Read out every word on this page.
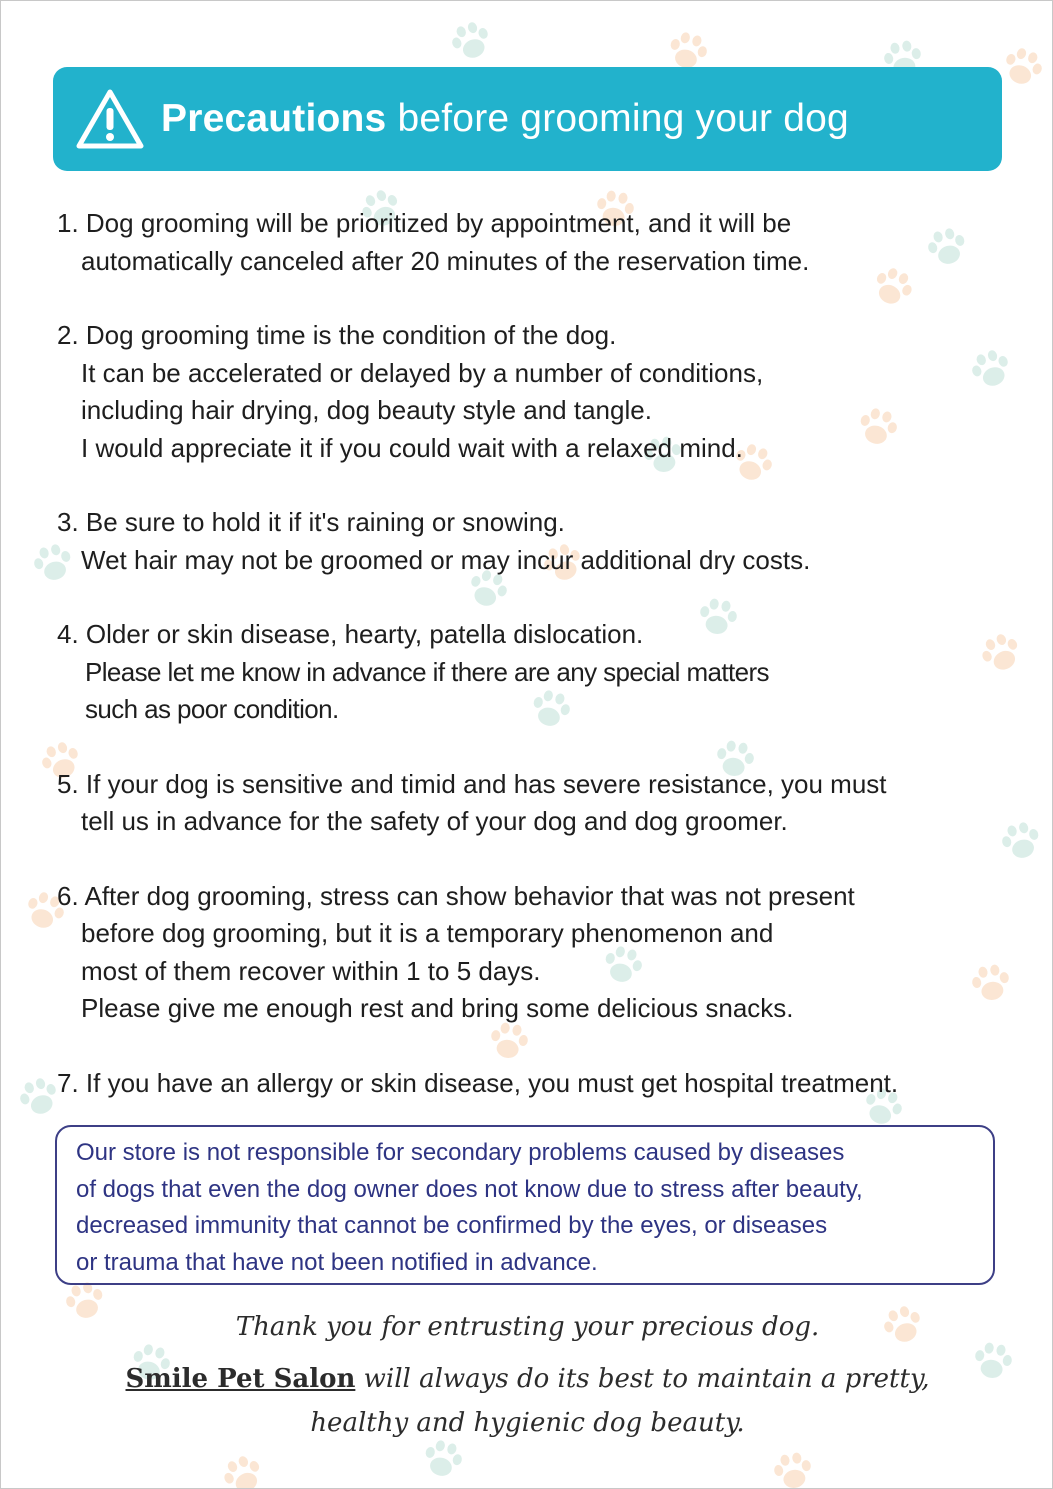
Precautions before grooming your dog
1. Dog grooming will be prioritized by appointment, and it will be
automatically canceled after 20 minutes of the reservation time.
2. Dog grooming time is the condition of the dog.
It can be accelerated or delayed by a number of conditions,
including hair drying, dog beauty style and tangle.
I would appreciate it if you could wait with a relaxed mind.
3. Be sure to hold it if it's raining or snowing.
Wet hair may not be groomed or may incur additional dry costs.
4. Older or skin disease, hearty, patella dislocation.
Please let me know in advance if there are any special matters
such as poor condition.
5. If your dog is sensitive and timid and has severe resistance, you must
tell us in advance for the safety of your dog and dog groomer.
6. After dog grooming, stress can show behavior that was not present
before dog grooming, but it is a temporary phenomenon and
most of them recover within 1 to 5 days.
Please give me enough rest and bring some delicious snacks.
7. If you have an allergy or skin disease, you must get hospital treatment.
Our store is not responsible for secondary problems caused by diseases
of dogs that even the dog owner does not know due to stress after beauty,
decreased immunity that cannot be confirmed by the eyes, or diseases
or trauma that have not been notified in advance.
Thank you for entrusting your precious dog.
Smile Pet Salon will always do its best to maintain a pretty,
healthy and hygienic dog beauty.
